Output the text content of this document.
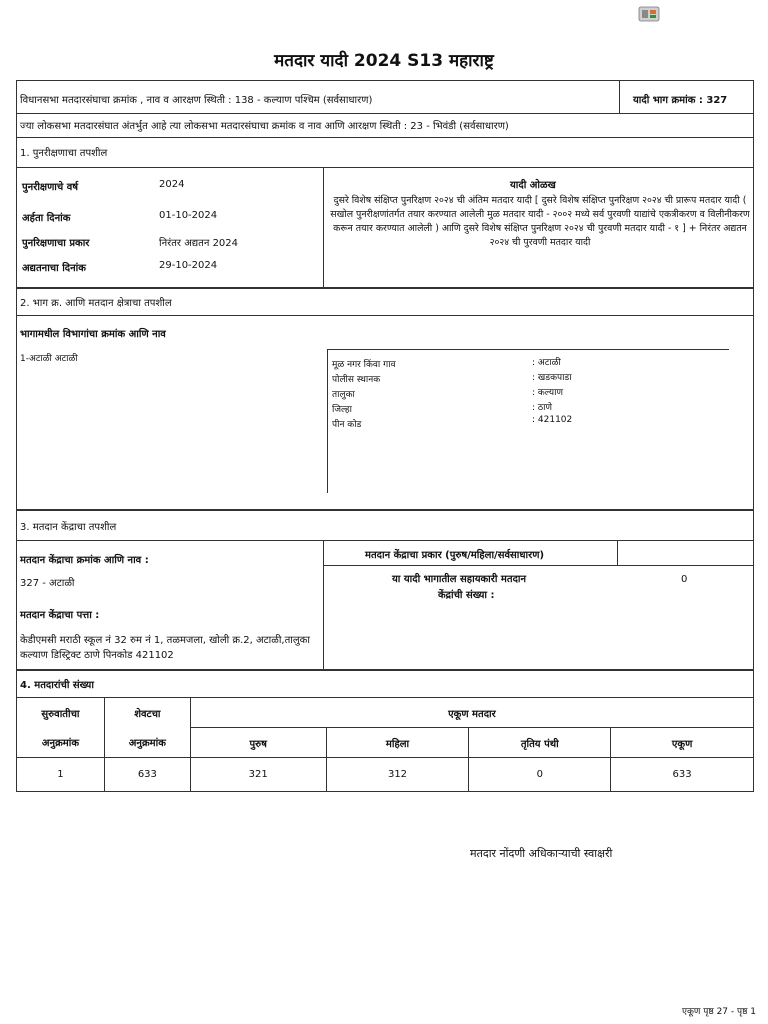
मतदार यादी 2024 S13 महाराष्ट्र
विधानसभा मतदारसंघाचा क्रमांक , नाव व आरक्षण स्थिती : 138 - कल्याण पश्चिम (सर्वसाधारण)	यादी भाग क्रमांक : 327
ज्या लोकसभा मतदारसंघात अंतर्भुत आहे त्या लोकसभा मतदारसंघाचा क्रमांक व नाव आणि आरक्षण स्थिती : 23 - भिवंडी (सर्वसाधारण)
1. पुनरीक्षणाचा तपशील
पुनरीक्षणाचे वर्ष	2024
अर्हता दिनांक	01-10-2024
पुनरिक्षणाचा प्रकार	निरंतर अद्यतन 2024
अद्यतनाचा दिनांक	29-10-2024
यादी ओळख
दुसरे विशेष संक्षिप्त पुनरिक्षण २०२४ ची अंतिम मतदार यादी [ दुसरे विशेष संक्षिप्त पुनरिक्षण २०२४ ची प्रारूप मतदार यादी ( सखोल पुनरीक्षणांतर्गत तयार करण्यात आलेली मुळ मतदार यादी - २००२ मध्ये सर्व पुरवणी याद्यांचे एकत्रीकरण व विलीनीकरण करून तयार करण्यात आलेली ) आणि दुसरे विशेष संक्षिप्त पुनरिक्षण २०२४ ची पुरवणी मतदार यादी - १ ] + निरंतर अद्यतन २०२४ ची पुरवणी मतदार यादी
2. भाग क्र. आणि मतदान क्षेत्राचा तपशील
भागामधील विभागांचा क्रमांक आणि नाव
1-अटाळी अटाळी
मूळ नगर किंवा गाव	: अटाळी
पोलीस स्थानक	: खडकपाडा
तालुका	: कल्याण
जिल्हा	: ठाणे
पीन कोड	: 421102
3. मतदान केंद्राचा तपशील
मतदान केंद्राचा क्रमांक आणि नाव :
327 - अटाळी
मतदान केंद्राचा पत्ता :
केडीएमसी मराठी स्कूल नं 32 रुम नं 1, तळमजला, खोली क्र.2, अटाळी,तालुका कल्याण डिस्ट्रिक्ट ठाणे पिनकोड 421102
मतदान केंद्राचा प्रकार (पुरुष/महिला/सर्वसाधारण)
या यादी भागातील सहायकारी मतदान
केंद्रांची संख्या :
0
4. मतदारांची संख्या
सुरुवातीचा	शेवटचा	एकूण मतदार			
अनुक्रमांक	अनुक्रमांक	पुरुष	महिला	तृतिय पंथी	एकूण
1	633	321	312	0	633
मतदार नोंदणी अधिकाऱ्याची स्वाक्षरी
एकूण पृष्ठ 27 - पृष्ठ 1
